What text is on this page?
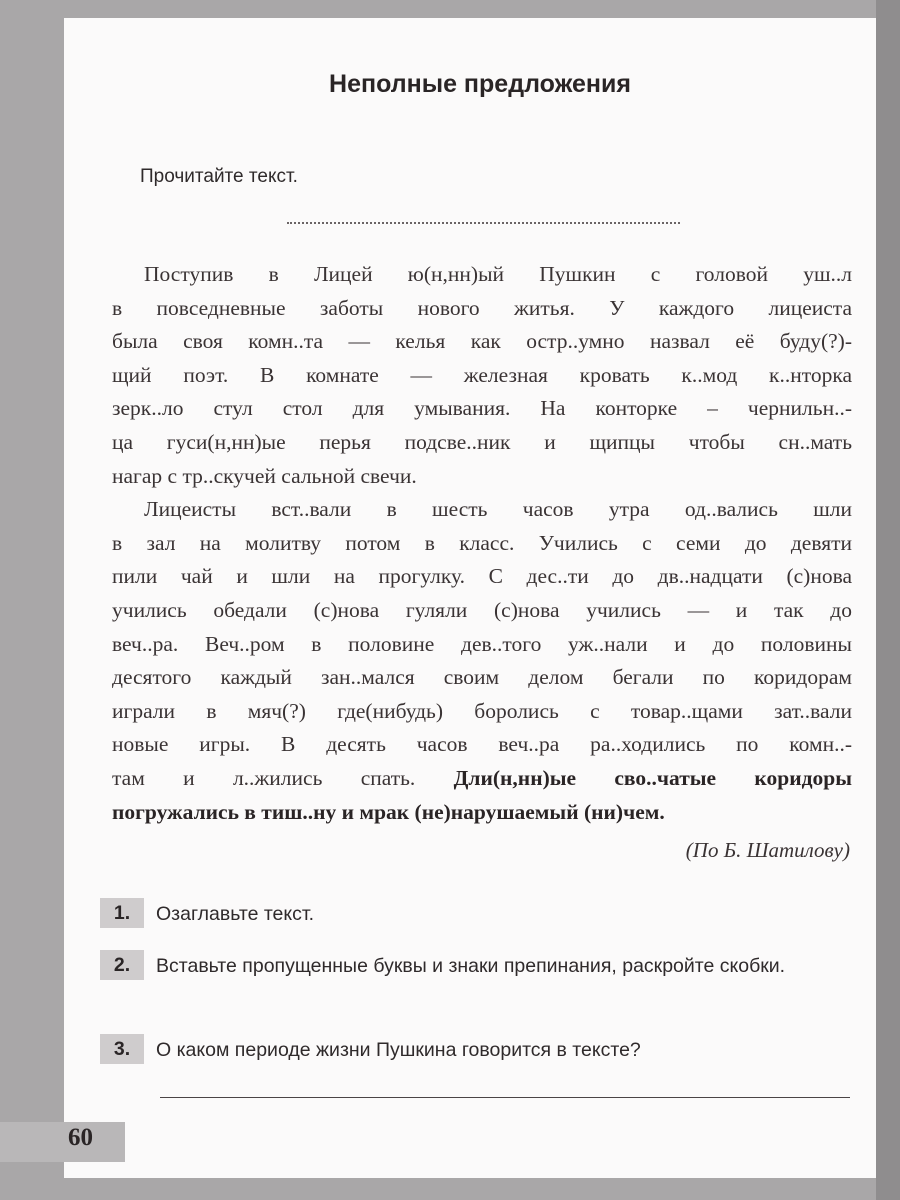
Неполные предложения
Прочитайте текст.
Поступив в Лицей ю(н,нн)ый Пушкин с головой уш..л
в повседневные заботы нового житья. У каждого лицеиста
была своя комн..та — келья как остр..умно назвал её буду(?)-
щий поэт. В комнате — железная кровать к..мод к..нторка
зерк..ло стул стол для умывания. На конторке – чернильн..-
ца гуси(н,нн)ые перья подсве..ник и щипцы чтобы сн..мать
нагар с тр..скучей сальной свечи.
Лицеисты вст..вали в шесть часов утра од..вались шли
в зал на молитву потом в класс. Учились с семи до девяти
пили чай и шли на прогулку. С дес..ти до дв..надцати (с)нова
учились обедали (с)нова гуляли (с)нова учились — и так до
веч..ра. Веч..ром в половине дев..того уж..нали и до половины
десятого каждый зан..мался своим делом бегали по коридорам
играли в мяч(?) где(нибудь) боролись с товар..щами зат..вали
новые игры. В десять часов веч..ра ра..ходились по комн..-
там и л..жились спать. Дли(н,нн)ые сво..чатые коридоры
погружались в тиш..ну и мрак (не)нарушаемый (ни)чем.
(По Б. Шатилову)
1.	Озаглавьте текст.
2.	Вставьте пропущенные буквы и знаки препинания, раскройте скобки.
3.	О каком периоде жизни Пушкина говорится в тексте?
60
